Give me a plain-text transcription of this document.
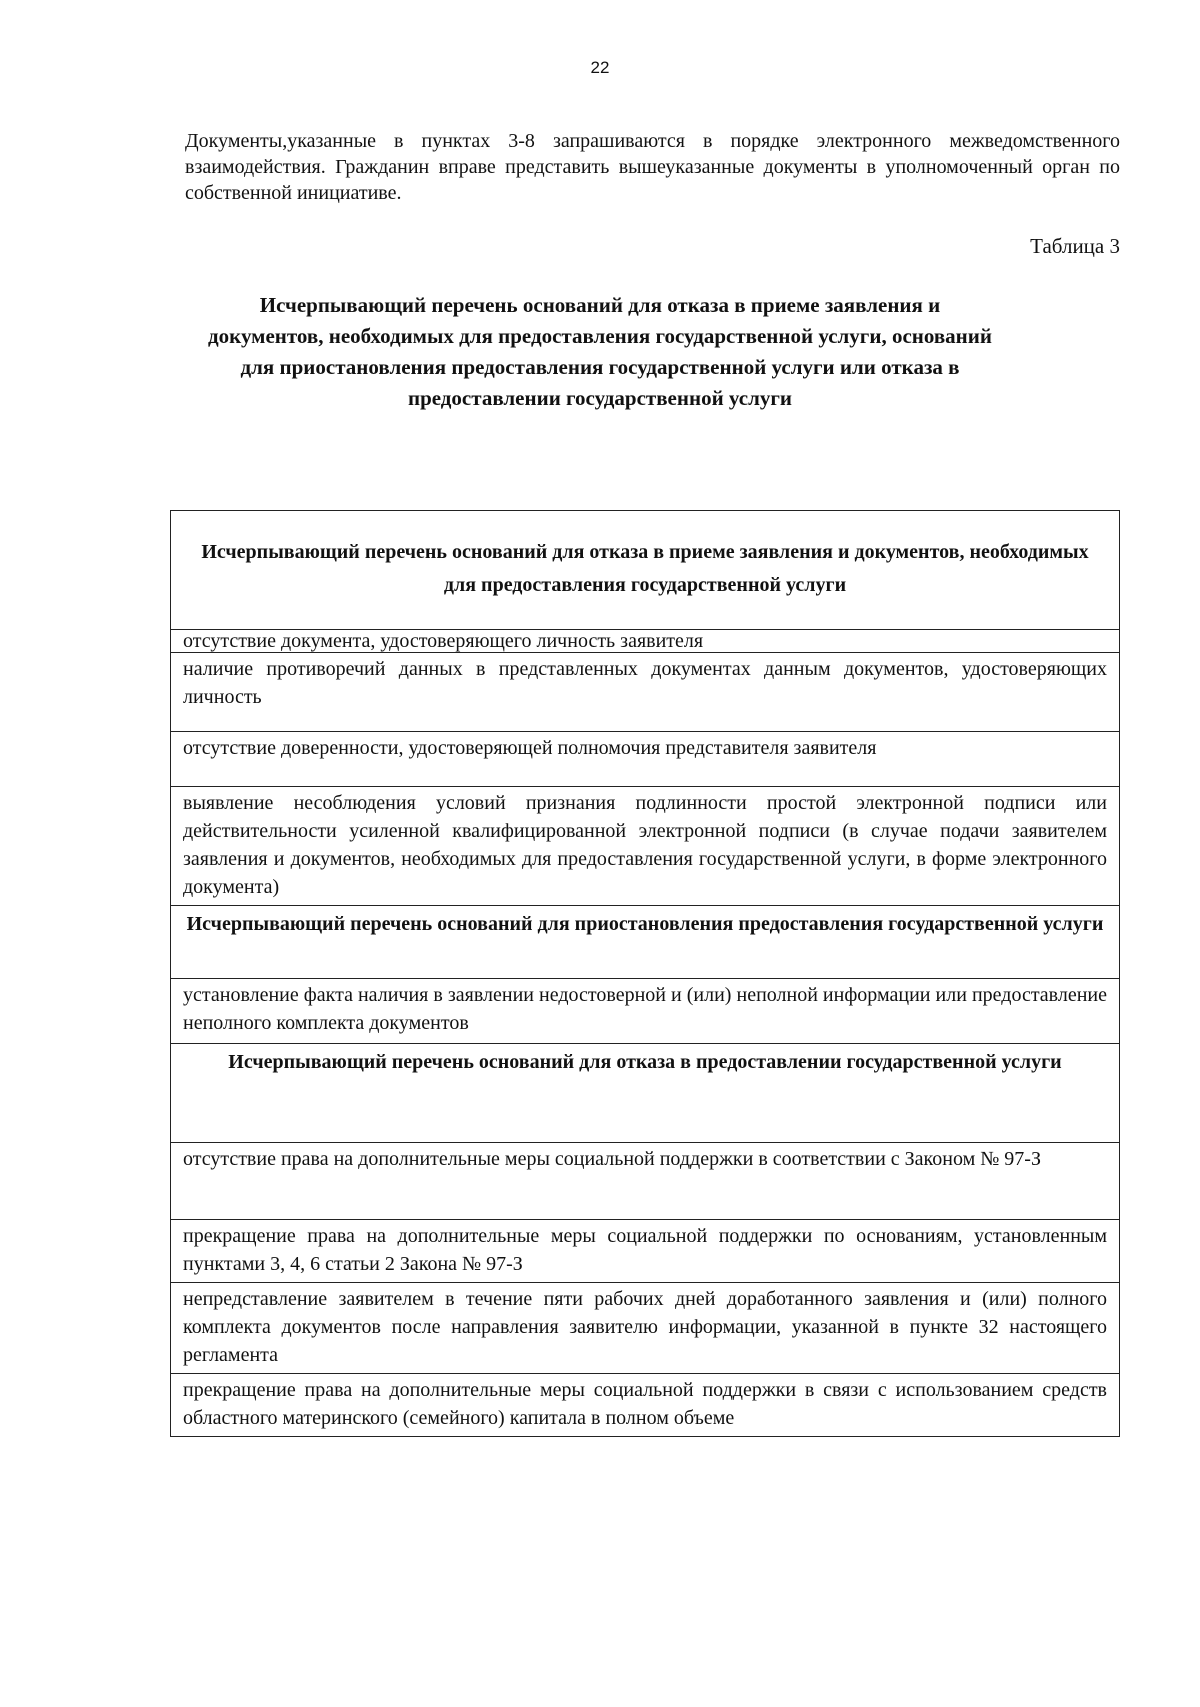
22

Документы,указанные в пунктах 3-8 запрашиваются в порядке электронного межведомственного взаимодействия. Гражданин вправе представить вышеуказанные документы в уполномоченный орган по собственной инициативе.

Таблица 3
Исчерпывающий перечень оснований для отказа в приеме заявления и документов, необходимых для предоставления государственной услуги, оснований для приостановления предоставления государственной услуги или отказа в предоставлении государственной услуги
Исчерпывающий перечень оснований для отказа в приеме заявления и документов, необходимых для предоставления государственной услуги
отсутствие документа, удостоверяющего личность заявителя
наличие противоречий данных в представленных документах данным документов, удостоверяющих личность
отсутствие доверенности, удостоверяющей полномочия представителя заявителя
выявление несоблюдения условий признания подлинности простой электронной подписи или действительности усиленной квалифицированной электронной подписи (в случае подачи заявителем заявления и документов, необходимых для предоставления государственной услуги, в форме электронного документа)
Исчерпывающий перечень оснований для приостановления предоставления государственной услуги
установление факта наличия в заявлении недостоверной и (или) неполной информации или предоставление неполного комплекта документов
Исчерпывающий перечень оснований для отказа в предоставлении государственной услуги
отсутствие права на дополнительные меры социальной поддержки в соответствии с Законом № 97-З
прекращение права на дополнительные меры социальной поддержки по основаниям, установленным пунктами 3, 4, 6 статьи 2 Закона № 97-З
непредставление заявителем в течение пяти рабочих дней доработанного заявления и (или) полного комплекта документов после направления заявителю информации, указанной в пункте 32 настоящего регламента
прекращение права на дополнительные меры социальной поддержки в связи с использованием средств областного материнского (семейного) капитала в полном объеме
